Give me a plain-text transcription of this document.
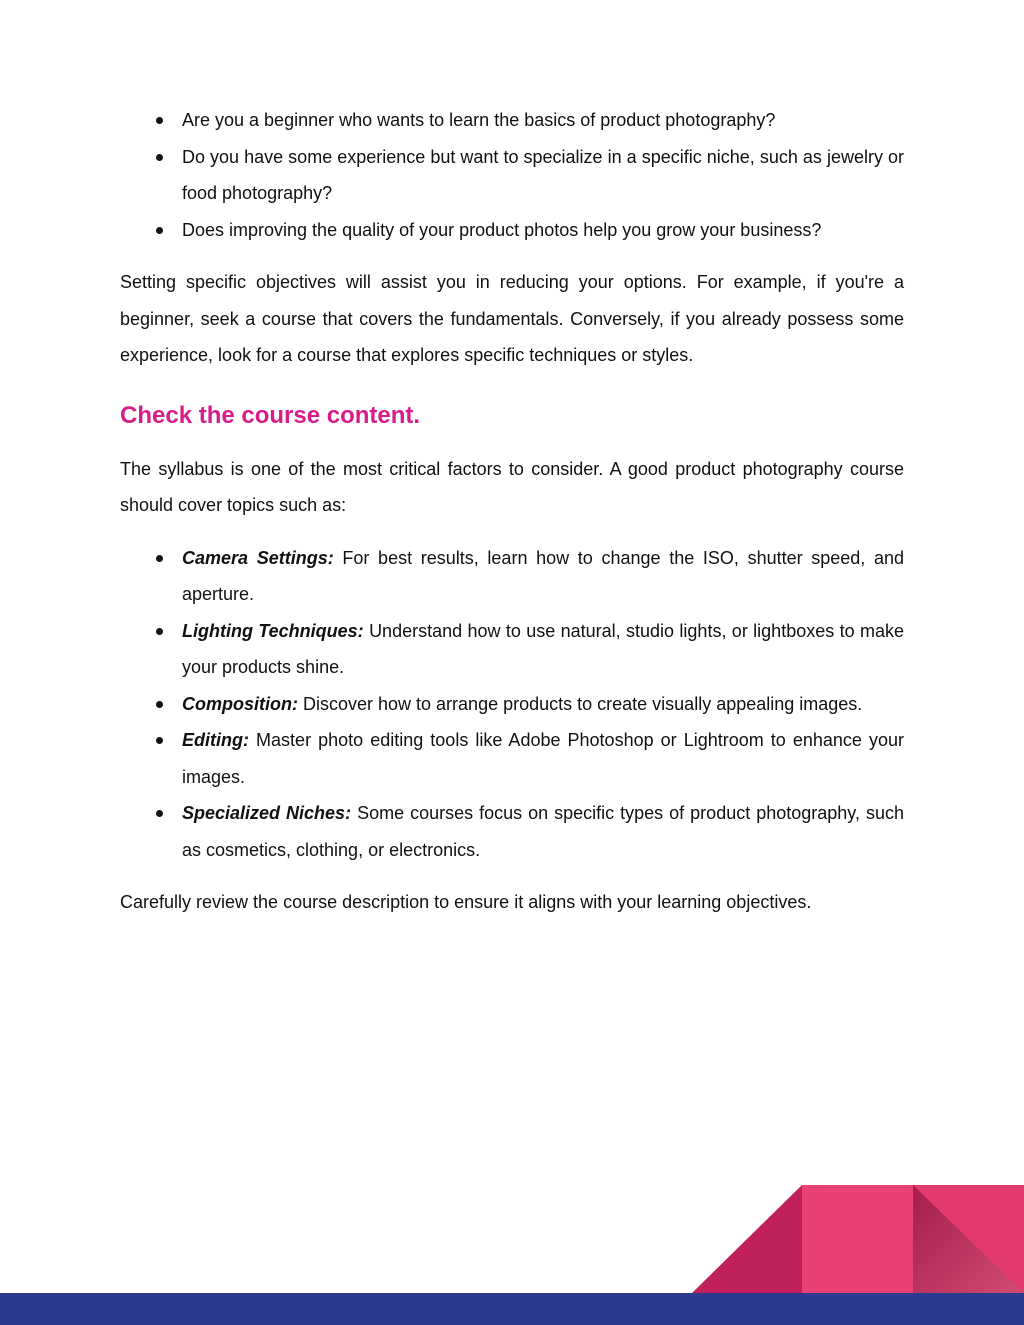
Are you a beginner who wants to learn the basics of product photography?
Do you have some experience but want to specialize in a specific niche, such as jewelry or food photography?
Does improving the quality of your product photos help you grow your business?

Setting specific objectives will assist you in reducing your options. For example, if you're a beginner, seek a course that covers the fundamentals. Conversely, if you already possess some experience, look for a course that explores specific techniques or styles.

Check the course content.

The syllabus is one of the most critical factors to consider. A good product photography course should cover topics such as:

Camera Settings: For best results, learn how to change the ISO, shutter speed, and aperture.
Lighting Techniques: Understand how to use natural, studio lights, or lightboxes to make your products shine.
Composition: Discover how to arrange products to create visually appealing images.
Editing: Master photo editing tools like Adobe Photoshop or Lightroom to enhance your images.
Specialized Niches: Some courses focus on specific types of product photography, such as cosmetics, clothing, or electronics.

Carefully review the course description to ensure it aligns with your learning objectives.
